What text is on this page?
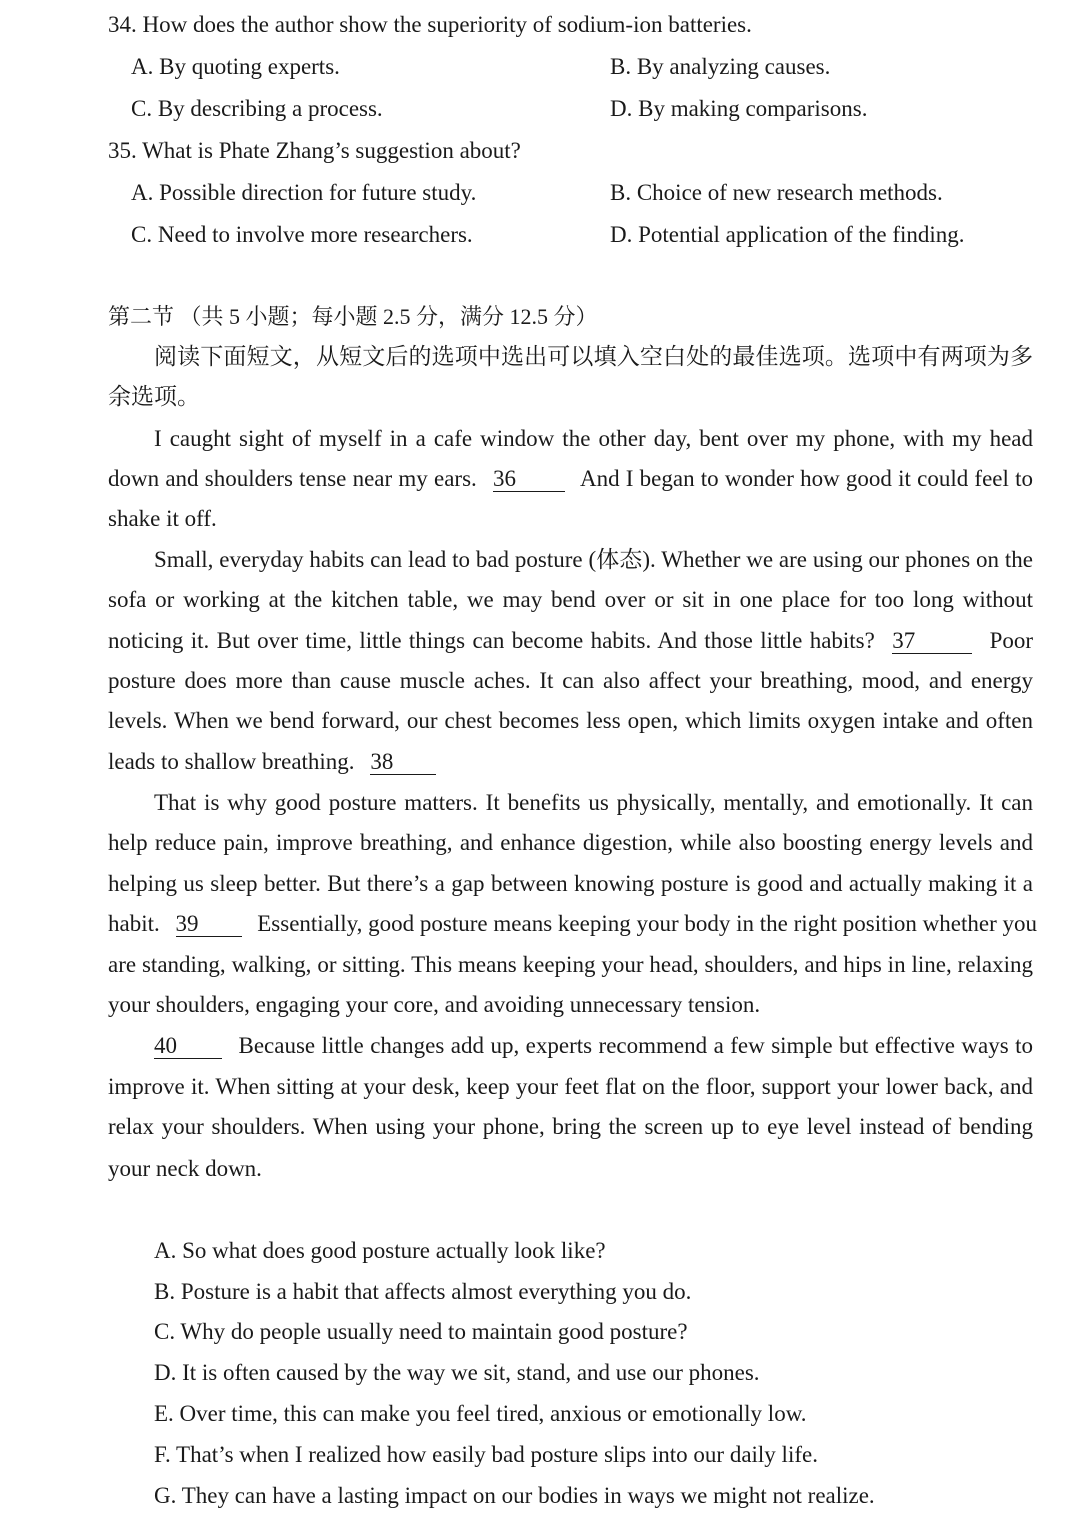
34. How does the author show the superiority of sodium-ion batteries.
A. By quoting experts.	B. By analyzing causes.
C. By describing a process.	D. By making comparisons.
35. What is Phate Zhang’s suggestion about?
A. Possible direction for future study.	B. Choice of new research methods.
C. Need to involve more researchers.	D. Potential application of the finding.
第二节 （共 5 小题；每小题 2.5 分，满分 12.5 分）
阅读下面短文，从短文后的选项中选出可以填入空白处的最佳选项。选项中有两项为多
余选项。
I caught sight of myself in a cafe window the other day, bent over my phone, with my head
down and shoulders tense near my ears. 36	And I began to wonder how good it could feel to
shake it off.
Small, everyday habits can lead to bad posture (体态). Whether we are using our phones on the
sofa or working at the kitchen table, we may bend over or sit in one place for too long without
noticing it. But over time, little things can become habits. And those little habits? 37	Poor
posture does more than cause muscle aches. It can also affect your breathing, mood, and energy
levels. When we bend forward, our chest becomes less open, which limits oxygen intake and often
leads to shallow breathing. 38
That is why good posture matters. It benefits us physically, mentally, and emotionally. It can
help reduce pain, improve breathing, and enhance digestion, while also boosting energy levels and
helping us sleep better. But there’s a gap between knowing posture is good and actually making it a
habit. 39	Essentially, good posture means keeping your body in the right position whether you
are standing, walking, or sitting. This means keeping your head, shoulders, and hips in line, relaxing
your shoulders, engaging your core, and avoiding unnecessary tension.
40	Because little changes add up, experts recommend a few simple but effective ways to
improve it. When sitting at your desk, keep your feet flat on the floor, support your lower back, and
relax your shoulders. When using your phone, bring the screen up to eye level instead of bending
your neck down.
A. So what does good posture actually look like?
B. Posture is a habit that affects almost everything you do.
C. Why do people usually need to maintain good posture?
D. It is often caused by the way we sit, stand, and use our phones.
E. Over time, this can make you feel tired, anxious or emotionally low.
F. That’s when I realized how easily bad posture slips into our daily life.
G. They can have a lasting impact on our bodies in ways we might not realize.
